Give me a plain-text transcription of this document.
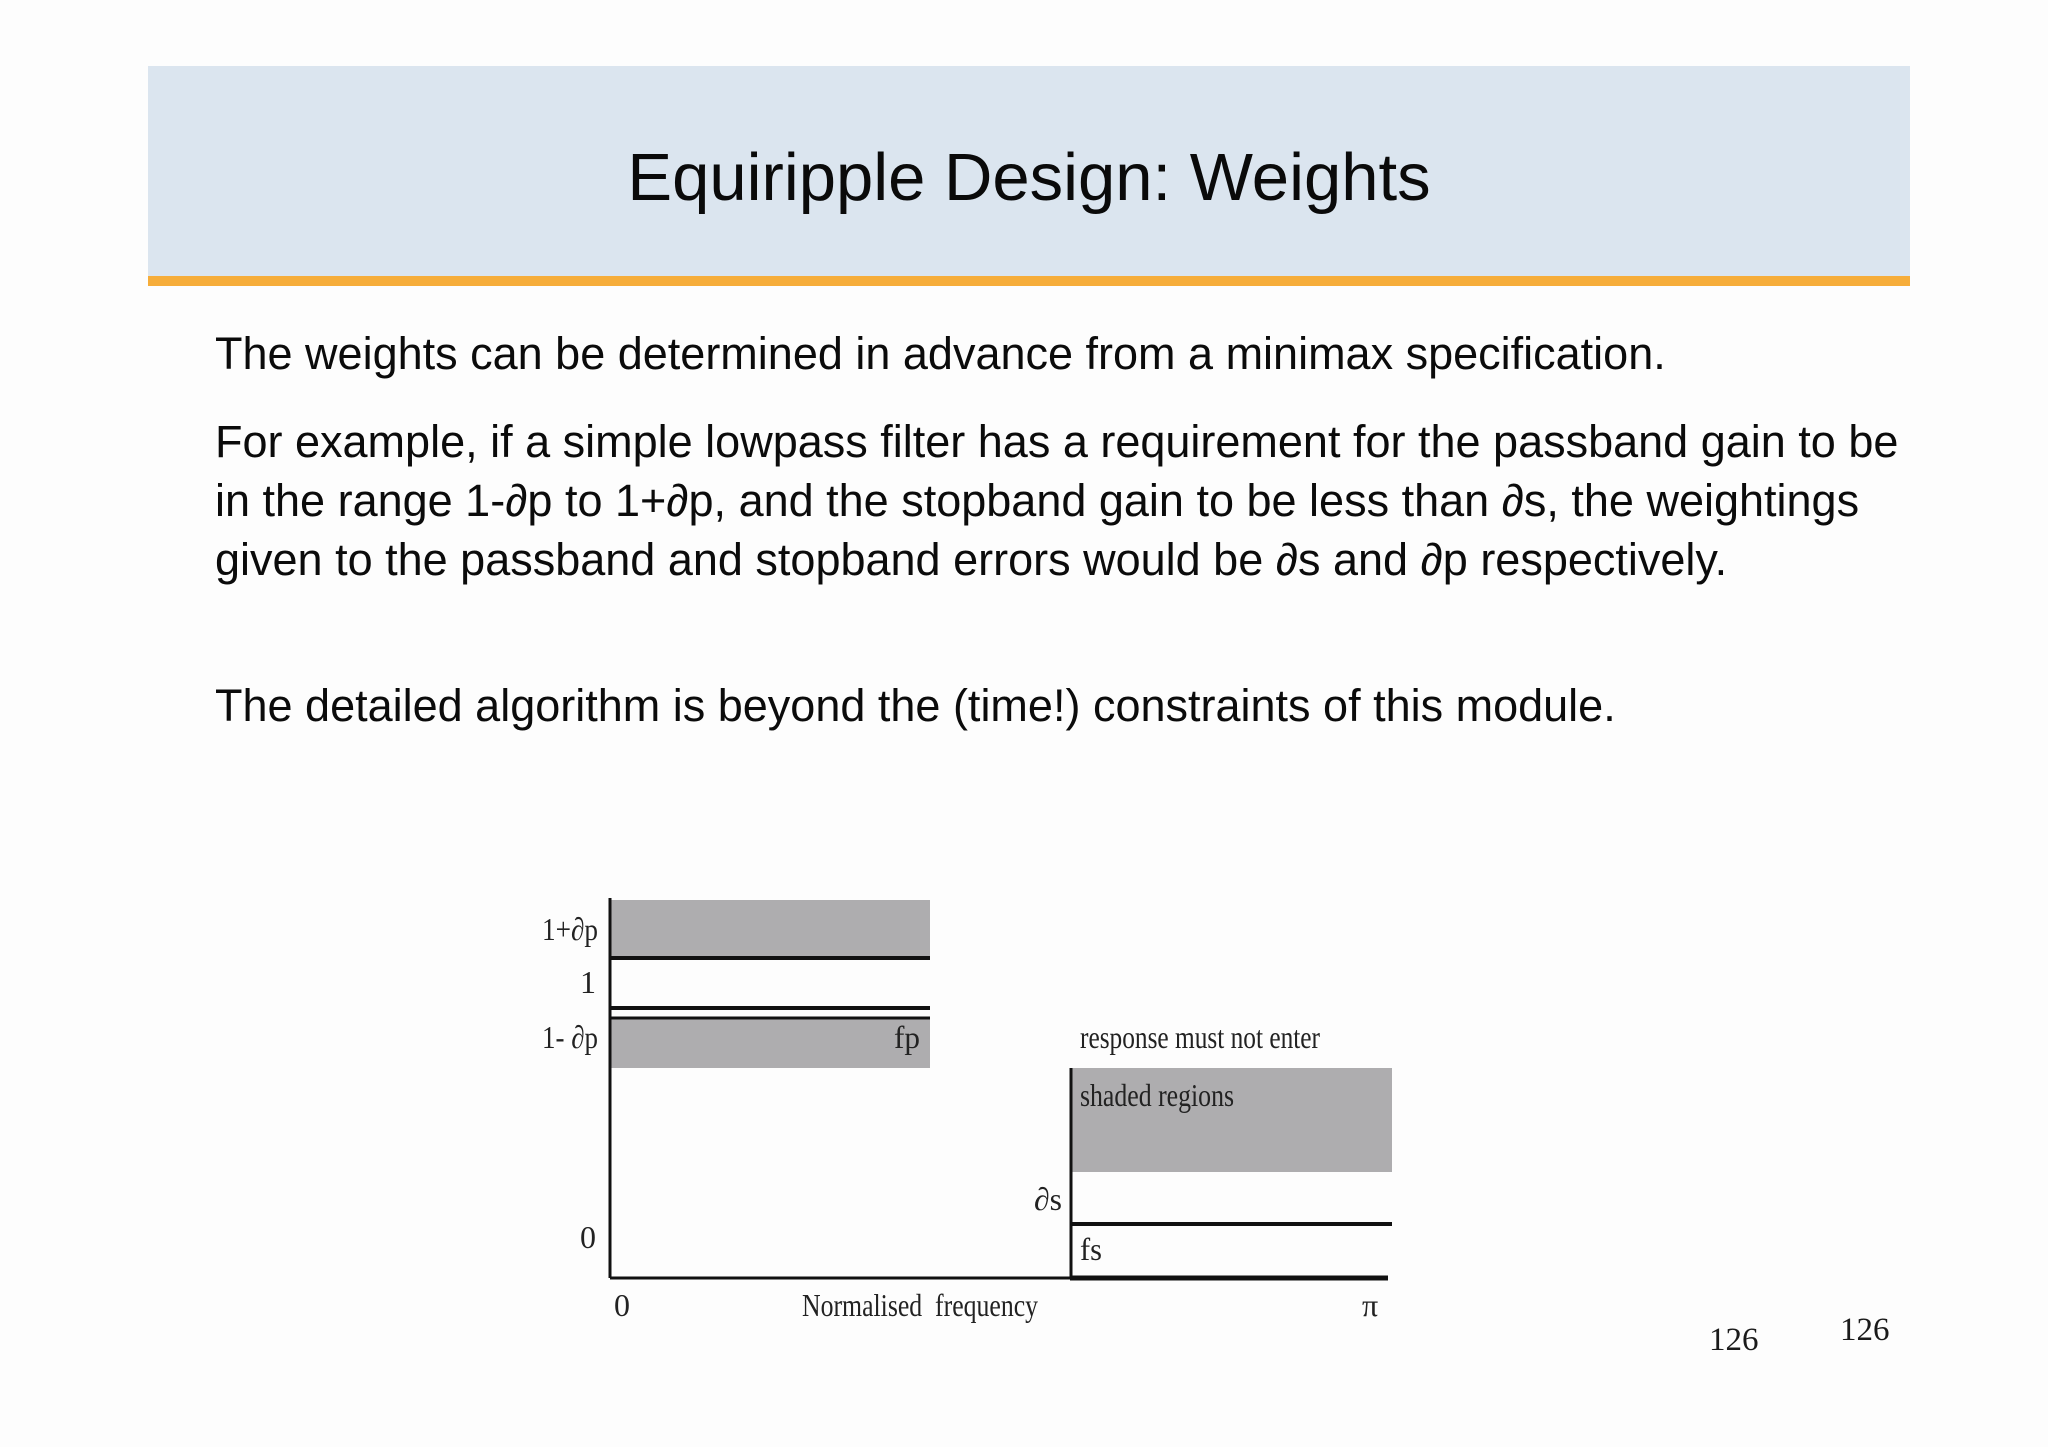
Equiripple Design: Weights

The weights can be determined in advance from a minimax specification.

For example, if a simple lowpass filter has a requirement for the passband gain to be in the range 1-∂p to 1+∂p, and the stopband gain to be less than ∂s, the weightings given to the passband and stopband errors would be ∂s and ∂p respectively.

The detailed algorithm is beyond the (time!) constraints of this module.

1+∂p
1
1- ∂p
0
fp
∂s
fs
response must not enter
shaded regions
0	Normalised  frequency	π
126 126
